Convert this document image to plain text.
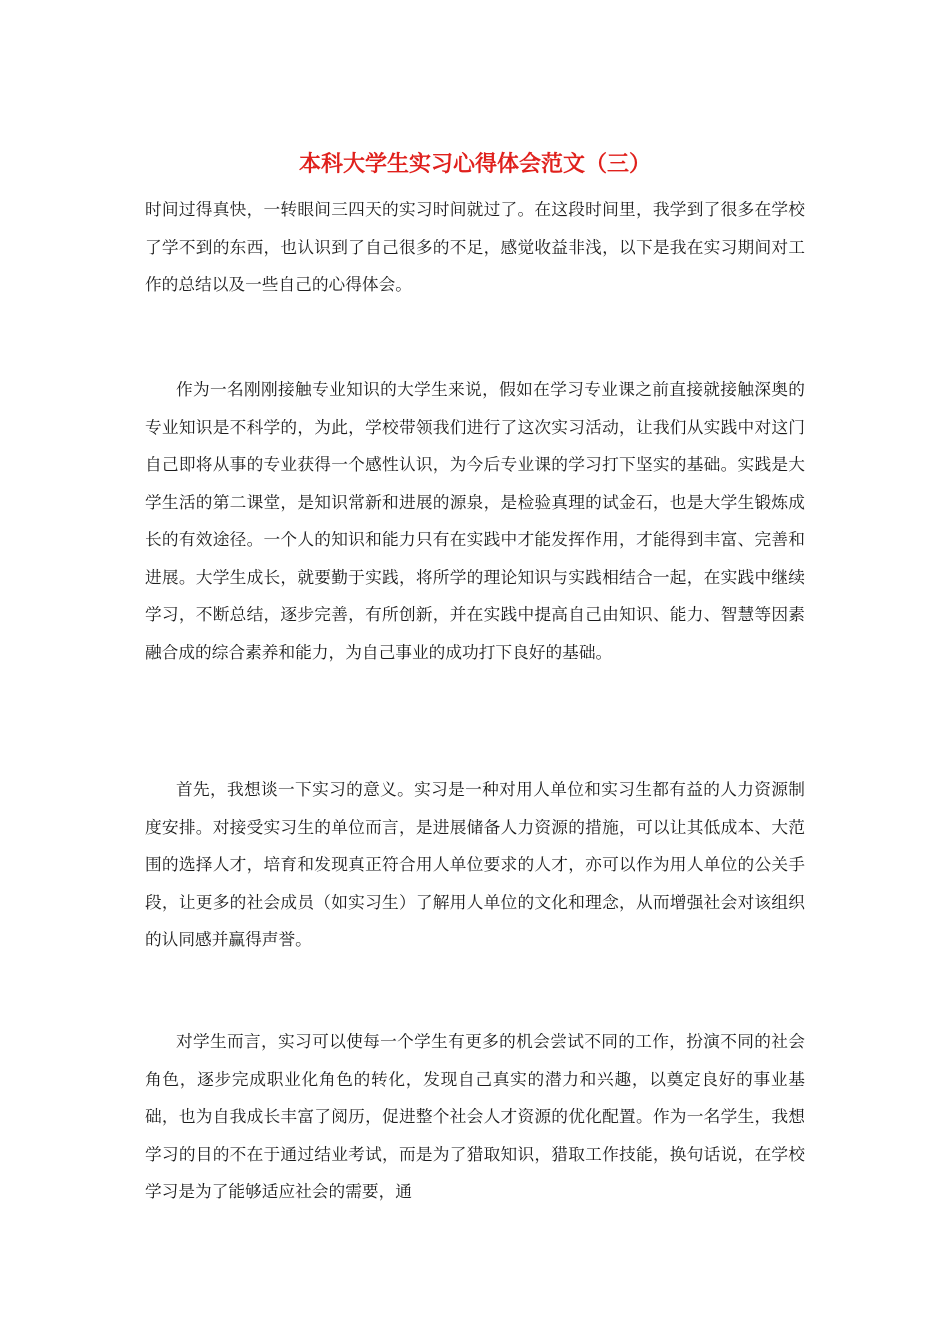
本科大学生实习心得体会范文（三）

时间过得真快，一转眼间三四天的实习时间就过了。在这段时间里，我学到了很多在学校了学不到的东西，也认识到了自己很多的不足，感觉收益非浅，以下是我在实习期间对工作的总结以及一些自己的心得体会。

作为一名刚刚接触专业知识的大学生来说，假如在学习专业课之前直接就接触深奥的专业知识是不科学的，为此，学校带领我们进行了这次实习活动，让我们从实践中对这门自己即将从事的专业获得一个感性认识，为今后专业课的学习打下坚实的基础。实践是大学生活的第二课堂，是知识常新和进展的源泉，是检验真理的试金石，也是大学生锻炼成长的有效途径。一个人的知识和能力只有在实践中才能发挥作用，才能得到丰富、完善和进展。大学生成长，就要勤于实践，将所学的理论知识与实践相结合一起，在实践中继续学习，不断总结，逐步完善，有所创新，并在实践中提高自己由知识、能力、智慧等因素融合成的综合素养和能力，为自己事业的成功打下良好的基础。

首先，我想谈一下实习的意义。实习是一种对用人单位和实习生都有益的人力资源制度安排。对接受实习生的单位而言，是进展储备人力资源的措施，可以让其低成本、大范围的选择人才，培育和发现真正符合用人单位要求的人才，亦可以作为用人单位的公关手段，让更多的社会成员（如实习生）了解用人单位的文化和理念，从而增强社会对该组织的认同感并赢得声誉。

对学生而言，实习可以使每一个学生有更多的机会尝试不同的工作，扮演不同的社会角色，逐步完成职业化角色的转化，发现自己真实的潜力和兴趣，以奠定良好的事业基础，也为自我成长丰富了阅历，促进整个社会人才资源的优化配置。作为一名学生，我想学习的目的不在于通过结业考试，而是为了猎取知识，猎取工作技能，换句话说，在学校学习是为了能够适应社会的需要，通
